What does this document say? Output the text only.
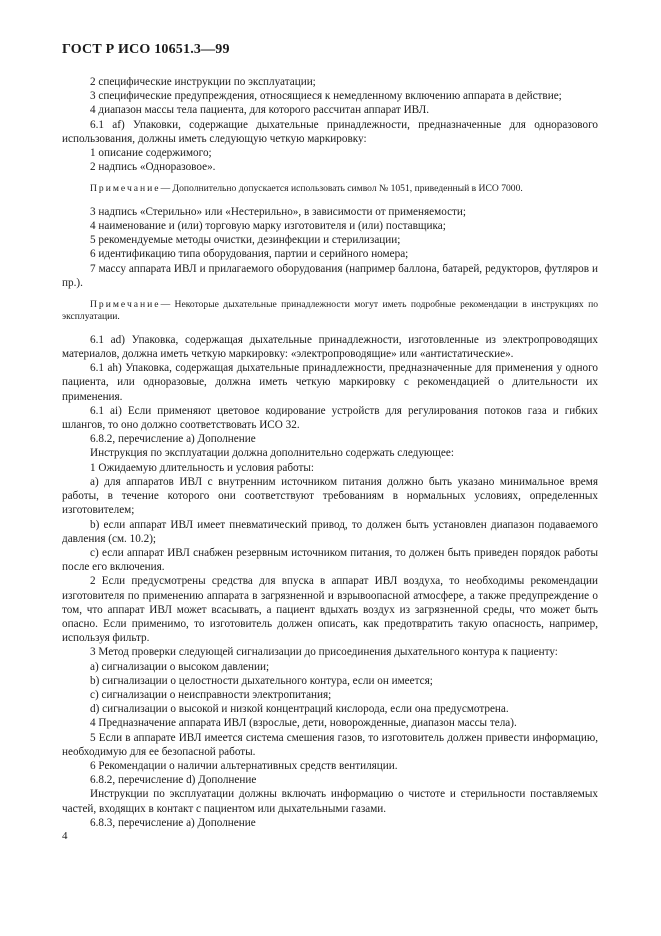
ГОСТ Р ИСО 10651.3—99

2 специфические инструкции по эксплуатации;

3 специфические предупреждения, относящиеся к немедленному включению аппарата в действие;

4 диапазон массы тела пациента, для которого рассчитан аппарат ИВЛ.

6.1 af) Упаковки, содержащие дыхательные принадлежности, предназначенные для одноразового использования, должны иметь следующую четкую маркировку:

1 описание содержимого;

2 надпись «Одноразовое».

Примечание— Дополнительно допускается использовать символ № 1051, приведенный в ИСО 7000.

3 надпись «Стерильно» или «Нестерильно», в зависимости от применяемости;

4 наименование и (или) торговую марку изготовителя и (или) поставщика;

5 рекомендуемые методы очистки, дезинфекции и стерилизации;

6 идентификацию типа оборудования, партии и серийного номера;

7 массу аппарата ИВЛ и прилагаемого оборудования (например баллона, батарей, редукторов, футляров и пр.).

Примечание— Некоторые дыхательные принадлежности могут иметь подробные рекомендации в инструкциях по эксплуатации.

6.1 ad) Упаковка, содержащая дыхательные принадлежности, изготовленные из электропроводящих материалов, должна иметь четкую маркировку: «электропроводящие» или «антистатические».

6.1 ah) Упаковка, содержащая дыхательные принадлежности, предназначенные для применения у одного пациента, или одноразовые, должна иметь четкую маркировку с рекомендацией о длительности их применения.

6.1 ai) Если применяют цветовое кодирование устройств для регулирования потоков газа и гибких шлангов, то оно должно соответствовать ИСО 32.

6.8.2, перечисление а) Дополнение

Инструкция по эксплуатации должна дополнительно содержать следующее:

1 Ожидаемую длительность и условия работы:

а) для аппаратов ИВЛ с внутренним источником питания должно быть указано минимальное время работы, в течение которого они соответствуют требованиям в нормальных условиях, определенных изготовителем;

b) если аппарат ИВЛ имеет пневматический привод, то должен быть установлен диапазон подаваемого давления (см. 10.2);

с) если аппарат ИВЛ снабжен резервным источником питания, то должен быть приведен порядок работы после его включения.

2 Если предусмотрены средства для впуска в аппарат ИВЛ воздуха, то необходимы рекомендации изготовителя по применению аппарата в загрязненной и взрывоопасной атмосфере, а также предупреждение о том, что аппарат ИВЛ может всасывать, а пациент вдыхать воздух из загрязненной среды, что может быть опасно. Если применимо, то изготовитель должен описать, как предотвратить такую опасность, например, используя фильтр.

3 Метод проверки следующей сигнализации до присоединения дыхательного контура к пациенту:

а) сигнализации о высоком давлении;

b) сигнализации о целостности дыхательного контура, если он имеется;

с) сигнализации о неисправности электропитания;

d) сигнализации о высокой и низкой концентраций кислорода, если она предусмотрена.

4 Предназначение аппарата ИВЛ (взрослые, дети, новорожденные, диапазон массы тела).

5 Если в аппарате ИВЛ имеется система смешения газов, то изготовитель должен привести информацию, необходимую для ее безопасной работы.

6 Рекомендации о наличии альтернативных средств вентиляции.

6.8.2, перечисление d) Дополнение

Инструкции по эксплуатации должны включать информацию о чистоте и стерильности поставляемых частей, входящих в контакт с пациентом или дыхательными газами.

6.8.3, перечисление а) Дополнение

4
